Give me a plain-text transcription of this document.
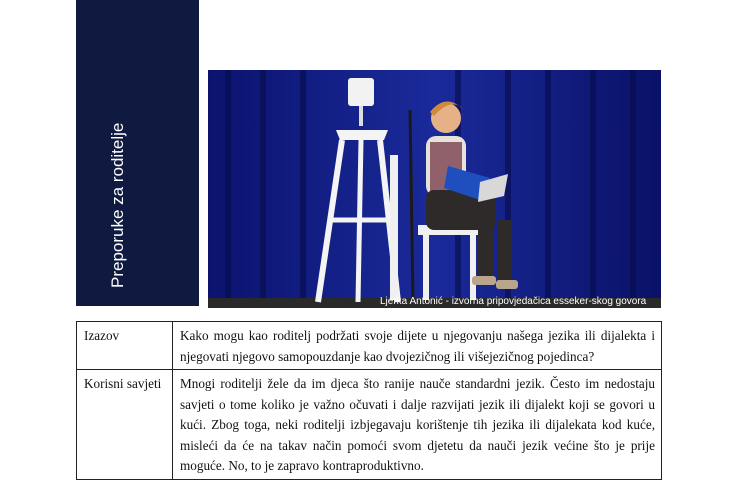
Preporuke za roditelje
Ljerka Antonić - izvorna pripovjedačica esseker-skog govora
Izazov	Kako mogu kao roditelj podržati svoje dijete u njegovanju našega jezika ili dijalekta i njegovati njegovo samopouzdanje kao dvojezičnog ili višejezičnog pojedinca?
Korisni savjeti	Mnogi roditelji žele da im djeca što ranije nauče standardni jezik. Često im nedostaju savjeti o tome koliko je važno očuvati i dalje razvijati jezik ili dijalekt koji se govori u kući. Zbog toga, neki roditelji izbjegavaju korištenje tih jezika ili dijalekata kod kuće, misleći da će na takav način pomoći svom djetetu da nauči jezik većine što je prije moguće. No, to je zapravo kontraproduktivno.
